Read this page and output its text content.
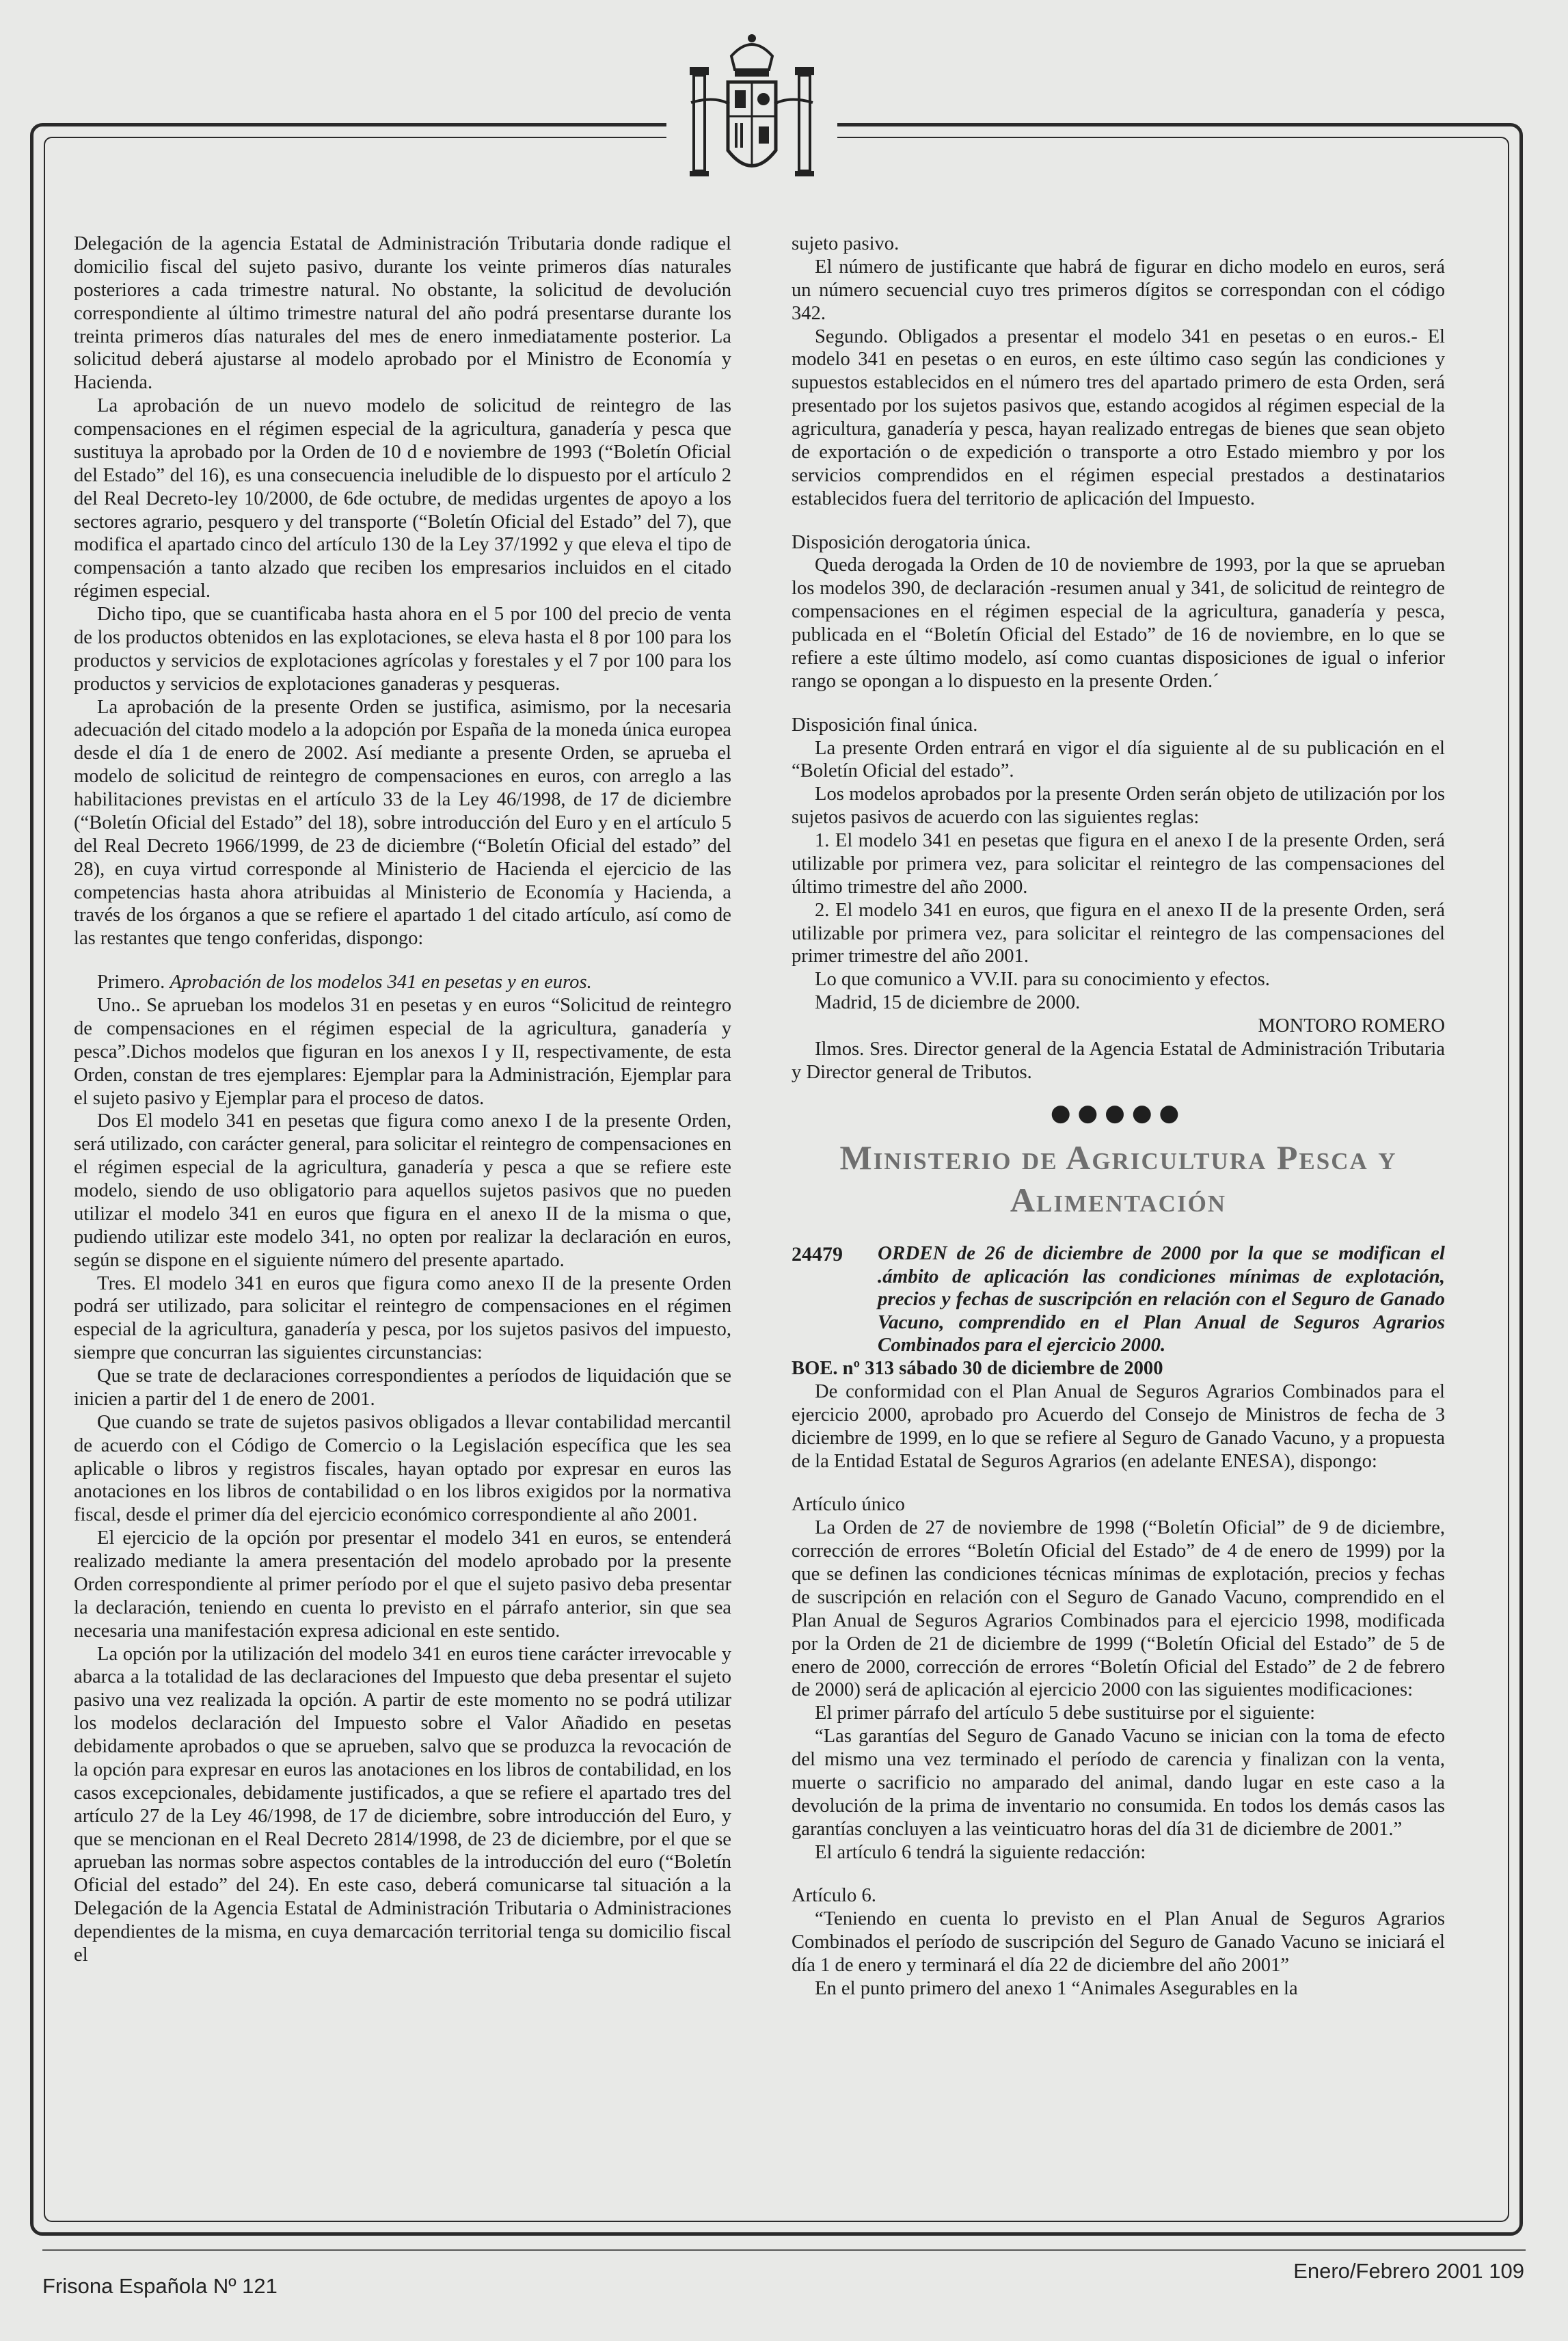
Delegación de la agencia Estatal de Administración Tributaria donde radique el domicilio fiscal del sujeto pasivo, durante los veinte primeros días naturales posteriores a cada trimestre natural. No obstante, la solicitud de devolución correspondiente al último trimestre natural del año podrá presentarse durante los treinta primeros días naturales del mes de enero inmediatamente posterior. La solicitud deberá ajustarse al modelo aprobado por el Ministro de Economía y Hacienda.

La aprobación de un nuevo modelo de solicitud de reintegro de las compensaciones en el régimen especial de la agricultura, ganadería y pesca que sustituya la aprobado por la Orden de 10 d e noviembre de 1993 (“Boletín Oficial del Estado” del 16), es una consecuencia ineludible de lo dispuesto por el artículo 2 del Real Decreto-ley 10/2000, de 6de octubre, de medidas urgentes de apoyo a los sectores agrario, pesquero y del transporte (“Boletín Oficial del Estado” del 7), que modifica el apartado cinco del artículo 130 de la Ley 37/1992 y que eleva el tipo de compensación a tanto alzado que reciben los empresarios incluidos en el citado régimen especial.

Dicho tipo, que se cuantificaba hasta ahora en el 5 por 100 del precio de venta de los productos obtenidos en las explotaciones, se eleva hasta el 8 por 100 para los productos y servicios de explotaciones agrícolas y forestales y el 7 por 100 para los productos y servicios de explotaciones ganaderas y pesqueras.

La aprobación de la presente Orden se justifica, asimismo, por la necesaria adecuación del citado modelo a la adopción por España de la moneda única europea desde el día 1 de enero de 2002. Así mediante a presente Orden, se aprueba el modelo de solicitud de reintegro de compensaciones en euros, con arreglo a las habilitaciones previstas en el artículo 33 de la Ley 46/1998, de 17 de diciembre (“Boletín Oficial del Estado” del 18), sobre introducción del Euro y en el artículo 5 del Real Decreto 1966/1999, de 23 de diciembre (“Boletín Oficial del estado” del 28), en cuya virtud corresponde al Ministerio de Hacienda el ejercicio de las competencias hasta ahora atribuidas al Ministerio de Economía y Hacienda, a través de los órganos a que se refiere el apartado 1 del citado artículo, así como de las restantes que tengo conferidas, dispongo:

Primero. Aprobación de los modelos 341 en pesetas y en euros.

Uno.. Se aprueban los modelos 31 en pesetas y en euros “Solicitud de reintegro de compensaciones en el régimen especial de la agricultura, ganadería y pesca”.Dichos modelos que figuran en los anexos I y II, respectivamente, de esta Orden, constan de tres ejemplares: Ejemplar para la Administración, Ejemplar para el sujeto pasivo y Ejemplar para el proceso de datos.

Dos El modelo 341 en pesetas que figura como anexo I de la presente Orden, será utilizado, con carácter general, para solicitar el reintegro de compensaciones en el régimen especial de la agricultura, ganadería y pesca a que se refiere este modelo, siendo de uso obligatorio para aquellos sujetos pasivos que no pueden utilizar el modelo 341 en euros que figura en el anexo II de la misma o que, pudiendo utilizar este modelo 341, no opten por realizar la declaración en euros, según se dispone en el siguiente número del presente apartado.

Tres. El modelo 341 en euros que figura como anexo II de la presente Orden podrá ser utilizado, para solicitar el reintegro de compensaciones en el régimen especial de la agricultura, ganadería y pesca, por los sujetos pasivos del impuesto, siempre que concurran las siguientes circunstancias:

Que se trate de declaraciones correspondientes a períodos de liquidación que se inicien a partir del 1 de enero de 2001.

Que cuando se trate de sujetos pasivos obligados a llevar contabilidad mercantil de acuerdo con el Código de Comercio o la Legislación específica que les sea aplicable o libros y registros fiscales, hayan optado por expresar en euros las anotaciones en los libros de contabilidad o en los libros exigidos por la normativa fiscal, desde el primer día del ejercicio económico correspondiente al año 2001.

El ejercicio de la opción por presentar el modelo 341 en euros, se entenderá realizado mediante la amera presentación del modelo aprobado por la presente Orden correspondiente al primer período por el que el sujeto pasivo deba presentar la declaración, teniendo en cuenta lo previsto en el párrafo anterior, sin que sea necesaria una manifestación expresa adicional en este sentido.

La opción por la utilización del modelo 341 en euros tiene carácter irrevocable y abarca a la totalidad de las declaraciones del Impuesto que deba presentar el sujeto pasivo una vez realizada la opción. A partir de este momento no se podrá utilizar los modelos declaración del Impuesto sobre el Valor Añadido en pesetas debidamente aprobados o que se aprueben, salvo que se produzca la revocación de la opción para expresar en euros las anotaciones en los libros de contabilidad, en los casos excepcionales, debidamente justificados, a que se refiere el apartado tres del artículo 27 de la Ley 46/1998, de 17 de diciembre, sobre introducción del Euro, y que se mencionan en el Real Decreto 2814/1998, de 23 de diciembre, por el que se aprueban las normas sobre aspectos contables de la introducción del euro (“Boletín Oficial del estado” del 24). En este caso, deberá comunicarse tal situación a la Delegación de la Agencia Estatal de Administración Tributaria o Administraciones dependientes de la misma, en cuya demarcación territorial tenga su domicilio fiscal el

sujeto pasivo.

El número de justificante que habrá de figurar en dicho modelo en euros, será un número secuencial cuyo tres primeros dígitos se correspondan con el código 342.

Segundo. Obligados a presentar el modelo 341 en pesetas o en euros.- El modelo 341 en pesetas o en euros, en este último caso según las condiciones y supuestos establecidos en el número tres del apartado primero de esta Orden, será presentado por los sujetos pasivos que, estando acogidos al régimen especial de la agricultura, ganadería y pesca, hayan realizado entregas de bienes que sean objeto de exportación o de expedición o transporte a otro Estado miembro y por los servicios comprendidos en el régimen especial prestados a destinatarios establecidos fuera del territorio de aplicación del Impuesto.

Disposición derogatoria única.

Queda derogada la Orden de 10 de noviembre de 1993, por la que se aprueban los modelos 390, de declaración -resumen anual y 341, de solicitud de reintegro de compensaciones en el régimen especial de la agricultura, ganadería y pesca, publicada en el “Boletín Oficial del Estado” de 16 de noviembre, en lo que se refiere a este último modelo, así como cuantas disposiciones de igual o inferior rango se opongan a lo dispuesto en la presente Orden.´

Disposición final única.

La presente Orden entrará en vigor el día siguiente al de su publicación en el “Boletín Oficial del estado”.

Los modelos aprobados por la presente Orden serán objeto de utilización por los sujetos pasivos de acuerdo con las siguientes reglas:

1. El modelo 341 en pesetas que figura en el anexo I de la presente Orden, será utilizable por primera vez, para solicitar el reintegro de las compensaciones del último trimestre del año 2000.

2. El modelo 341 en euros, que figura en el anexo II de la presente Orden, será utilizable por primera vez, para solicitar el reintegro de las compensaciones del primer trimestre del año 2001.

Lo que comunico a VV.II. para su conocimiento y efectos.

Madrid, 15 de diciembre de 2000.

MONTORO ROMERO

Ilmos. Sres. Director general de la Agencia Estatal de Administración Tributaria y Director general de Tributos.

●●●●●
Ministerio de Agricultura Pesca y
Alimentación
24479	ORDEN de 26 de diciembre de 2000 por la que se modifican el .ámbito de aplicación las condiciones mínimas de explotación, precios y fechas de suscripción en relación con el Seguro de Ganado Vacuno, comprendido en el Plan Anual de Seguros Agrarios Combinados para el ejercicio 2000.

BOE. nº 313 sábado 30 de diciembre de 2000

De conformidad con el Plan Anual de Seguros Agrarios Combinados para el ejercicio 2000, aprobado pro Acuerdo del Consejo de Ministros de fecha de 3 diciembre de 1999, en lo que se refiere al Seguro de Ganado Vacuno, y a propuesta de la Entidad Estatal de Seguros Agrarios (en adelante ENESA), dispongo:

Artículo único

La Orden de 27 de noviembre de 1998 (“Boletín Oficial” de 9 de diciembre, corrección de errores “Boletín Oficial del Estado” de 4 de enero de 1999) por la que se definen las condiciones técnicas mínimas de explotación, precios y fechas de suscripción en relación con el Seguro de Ganado Vacuno, comprendido en el Plan Anual de Seguros Agrarios Combinados para el ejercicio 1998, modificada por la Orden de 21 de diciembre de 1999 (“Boletín Oficial del Estado” de 5 de enero de 2000, corrección de errores “Boletín Oficial del Estado” de 2 de febrero de 2000) será de aplicación al ejercicio 2000 con las siguientes modificaciones:

El primer párrafo del artículo 5 debe sustituirse por el siguiente:

“Las garantías del Seguro de Ganado Vacuno se inician con la toma de efecto del mismo una vez terminado el período de carencia y finalizan con la venta, muerte o sacrificio no amparado del animal, dando lugar en este caso a la devolución de la prima de inventario no consumida. En todos los demás casos las garantías concluyen a las veinticuatro horas del día 31 de diciembre de 2001.”

El artículo 6 tendrá la siguiente redacción:

Artículo 6.

“Teniendo en cuenta lo previsto en el Plan Anual de Seguros Agrarios Combinados el período de suscripción del Seguro de Ganado Vacuno se iniciará el día 1 de enero y terminará el día 22 de diciembre del año 2001”

En el punto primero del anexo 1 “Animales Asegurables en la

Frisona Española Nº 121
Enero/Febrero 2001 109
